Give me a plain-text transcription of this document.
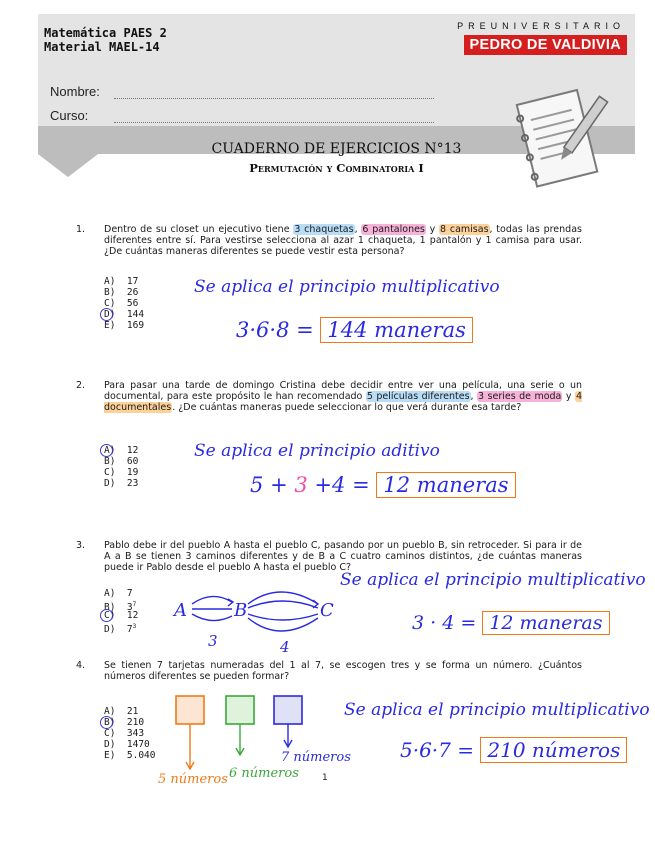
Matemática PAES 2
Material MAEL-14
PREUNIVERSITARIO
PEDRO DE VALDIVIA
Nombre:
Curso:
CUADERNO DE EJERCICIOS N°13
Permutación y Combinatoria I
1. Dentro de su closet un ejecutivo tiene 3 chaquetas, 6 pantalones y 8 camisas, todas las prendas diferentes entre sí. Para vestirse selecciona al azar 1 chaqueta, 1 pantalón y 1 camisa para usar. ¿De cuántas maneras diferentes se puede vestir esta persona?
A)  17
B)  26
C)  56
D)  144
E)  169
Se aplica el principio multiplicativo
3·6·8 = 144 maneras
2. Para pasar una tarde de domingo Cristina debe decidir entre ver una película, una serie o un documental, para este propósito le han recomendado 5 películas diferentes, 3 series de moda y 4 documentales. ¿De cuántas maneras puede seleccionar lo que verá durante esa tarde?
A)  12
B)  60
C)  19
D)  23
Se aplica el principio aditivo
5 + 3 +4 = 12 maneras
3. Pablo debe ir del pueblo A hasta el pueblo C, pasando por un pueblo B, sin retroceder. Si para ir de A a B se tienen 3 caminos diferentes y de B a C cuatro caminos distintos, ¿de cuántas maneras puede ir Pablo desde el pueblo A hasta el pueblo C?
A)  7
B)  $3^7$
C)  12
D)  $7^3$
A	B	C
3	4
Se aplica el principio multiplicativo
3 · 4 = 12 maneras
4. Se tienen 7 tarjetas numeradas del 1 al 7, se escogen tres y se forma un número. ¿Cuántos números diferentes se pueden formar?
A)  21
B)  210
C)  343
D)  1470
E)  5.040
5 números 6 números
7 números
Se aplica el principio multiplicativo
5·6·7 = 210 números
1
